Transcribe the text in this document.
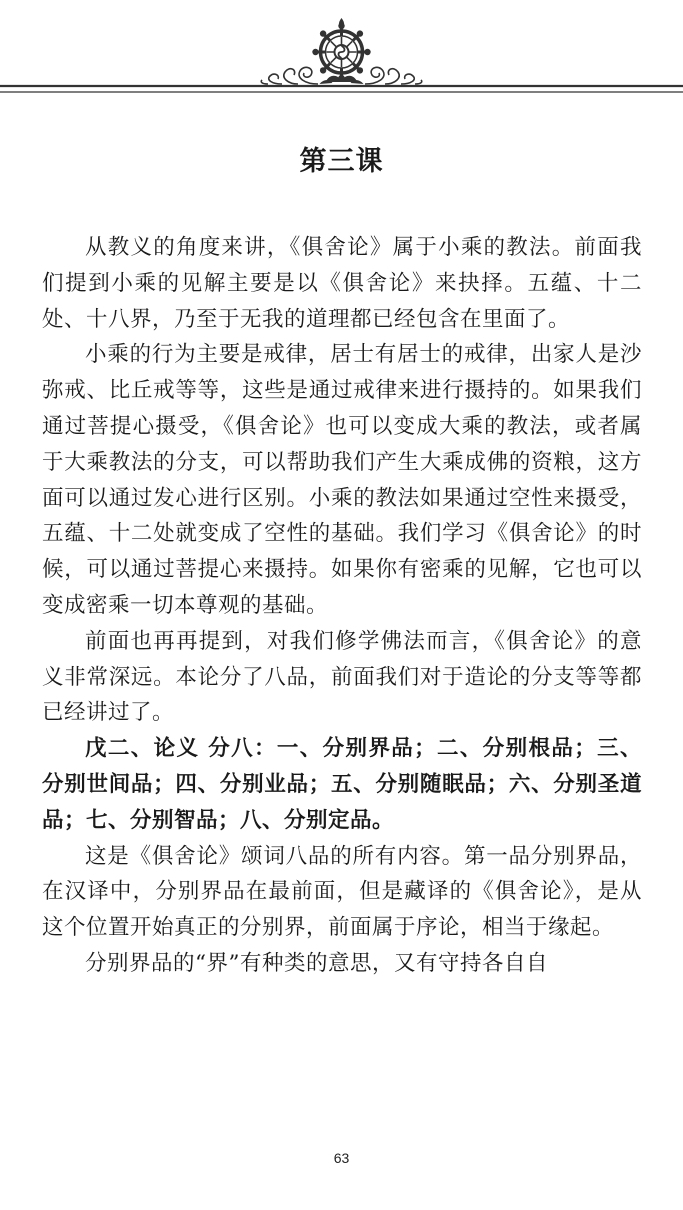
第三课

从教义的角度来讲，《俱舍论》属于小乘的教法。前面我们提到小乘的见解主要是以《俱舍论》来抉择。五蕴、十二处、十八界，乃至于无我的道理都已经包含在里面了。

小乘的行为主要是戒律，居士有居士的戒律，出家人是沙弥戒、比丘戒等等，这些是通过戒律来进行摄持的。如果我们通过菩提心摄受，《俱舍论》也可以变成大乘的教法，或者属于大乘教法的分支，可以帮助我们产生大乘成佛的资粮，这方面可以通过发心进行区别。小乘的教法如果通过空性来摄受，五蕴、十二处就变成了空性的基础。我们学习《俱舍论》的时候，可以通过菩提心来摄持。如果你有密乘的见解，它也可以变成密乘一切本尊观的基础。

前面也再再提到，对我们修学佛法而言，《俱舍论》的意义非常深远。本论分了八品，前面我们对于造论的分支等等都已经讲过了。

戊二、论义 分八：一、分别界品；二、分别根品；三、分别世间品；四、分别业品；五、分别随眠品；六、分别圣道品；七、分别智品；八、分别定品。

这是《俱舍论》颂词八品的所有内容。第一品分别界品，在汉译中，分别界品在最前面，但是藏译的《俱舍论》，是从这个位置开始真正的分别界，前面属于序论，相当于缘起。

分别界品的“界”有种类的意思，又有守持各自自

63
